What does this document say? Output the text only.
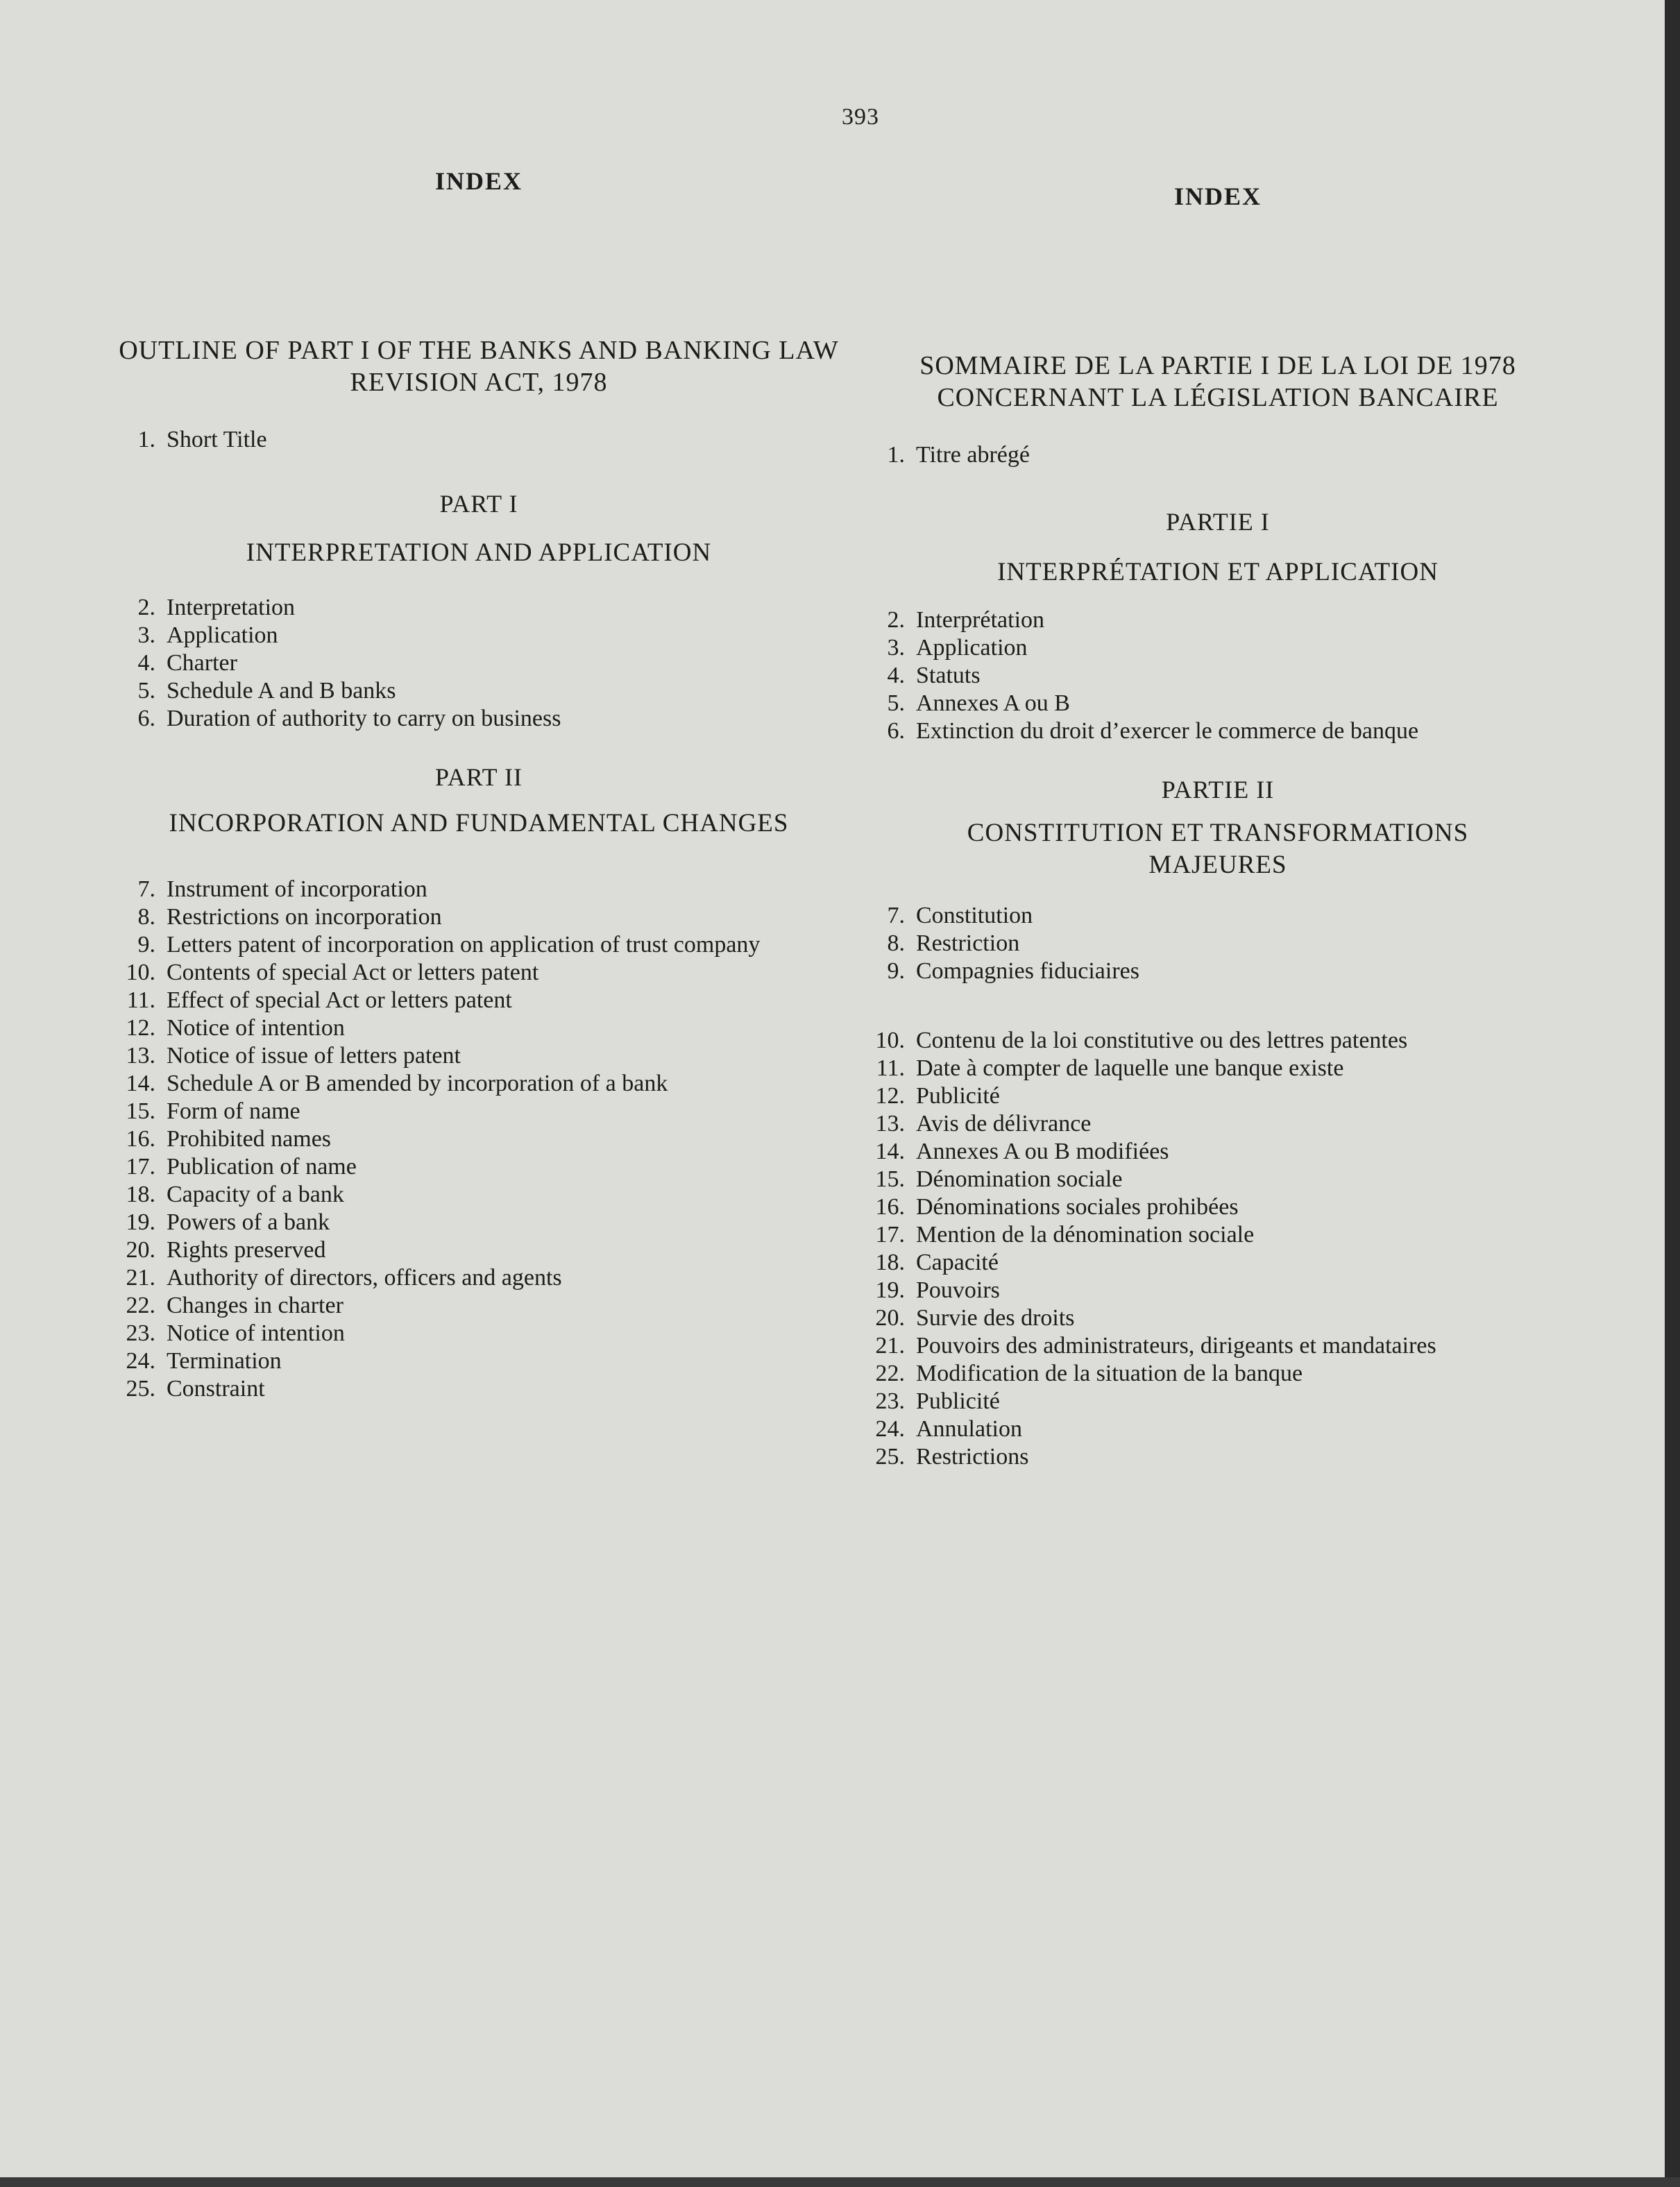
393
INDEX
OUTLINE OF PART I OF THE BANKS AND BANKING LAW REVISION ACT, 1978
1. Short Title
PART I
INTERPRETATION AND APPLICATION
2. Interpretation
3. Application
4. Charter
5. Schedule A and B banks
6. Duration of authority to carry on business
PART II
INCORPORATION AND FUNDAMENTAL CHANGES
7. Instrument of incorporation
8. Restrictions on incorporation
9. Letters patent of incorporation on application of trust company
10. Contents of special Act or letters patent
11. Effect of special Act or letters patent
12. Notice of intention
13. Notice of issue of letters patent
14. Schedule A or B amended by incorporation of a bank
15. Form of name
16. Prohibited names
17. Publication of name
18. Capacity of a bank
19. Powers of a bank
20. Rights preserved
21. Authority of directors, officers and agents
22. Changes in charter
23. Notice of intention
24. Termination
25. Constraint
INDEX
SOMMAIRE DE LA PARTIE I DE LA LOI DE 1978 CONCERNANT LA LÉGISLATION BANCAIRE
1. Titre abrégé
PARTIE I
INTERPRÉTATION ET APPLICATION
2. Interprétation
3. Application
4. Statuts
5. Annexes A ou B
6. Extinction du droit d’exercer le commerce de banque
PARTIE II
CONSTITUTION ET TRANSFORMATIONS MAJEURES
7. Constitution
8. Restriction
9. Compagnies fiduciaires
10. Contenu de la loi constitutive ou des lettres patentes
11. Date à compter de laquelle une banque existe
12. Publicité
13. Avis de délivrance
14. Annexes A ou B modifiées
15. Dénomination sociale
16. Dénominations sociales prohibées
17. Mention de la dénomination sociale
18. Capacité
19. Pouvoirs
20. Survie des droits
21. Pouvoirs des administrateurs, dirigeants et mandataires
22. Modification de la situation de la banque
23. Publicité
24. Annulation
25. Restrictions
